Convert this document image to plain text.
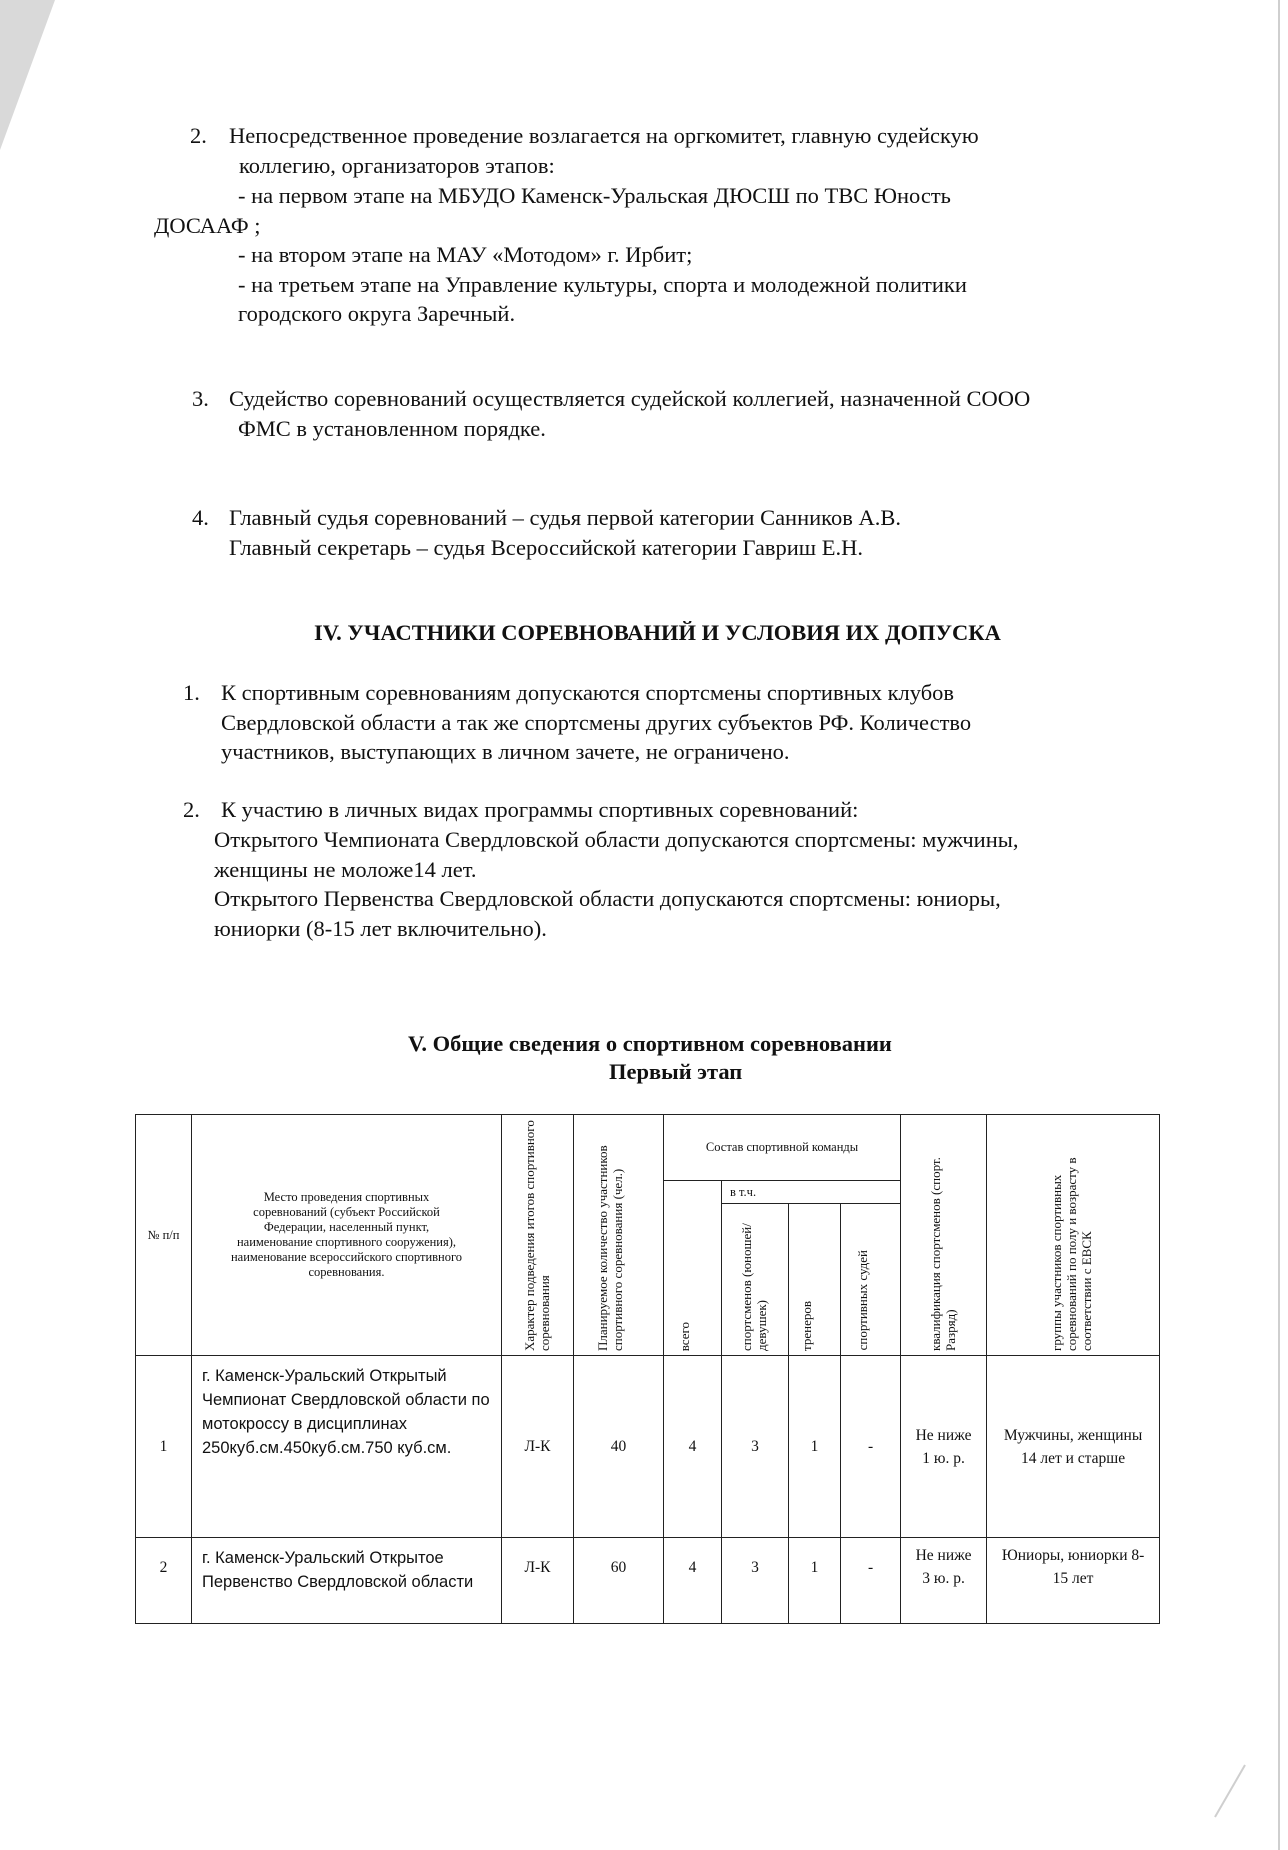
2. Непосредственное проведение возлагается на оргкомитет, главную судейскую
коллегию, организаторов этапов:
- на первом этапе на МБУДО Каменск-Уральская ДЮСШ по ТВС Юность
ДОСААФ ;
- на втором этапе на МАУ «Мотодом» г. Ирбит;
- на третьем этапе на Управление культуры, спорта и молодежной политики
городского округа Заречный.
3. Судейство соревнований осуществляется судейской коллегией, назначенной СООО
ФМС в установленном порядке.
4. Главный судья соревнований – судья первой категории Санников А.В.
Главный секретарь – судья Всероссийской категории Гавриш Е.Н.
IV. УЧАСТНИКИ СОРЕВНОВАНИЙ И УСЛОВИЯ ИХ ДОПУСКА
1. К спортивным соревнованиям допускаются спортсмены спортивных клубов
Свердловской области а так же спортсмены других субъектов РФ. Количество
участников, выступающих в личном зачете, не ограничено.
2. К участию в личных видах программы спортивных соревнований:
Открытого Чемпионата Свердловской области допускаются спортсмены: мужчины,
женщины не моложе14 лет.
Открытого Первенства Свердловской области допускаются спортсмены: юниоры,
юниорки (8-15 лет включительно).
V. Общие сведения о спортивном соревновании
Первый этап
№ п/п	Место проведения спортивных соревнований (субъект Российской Федерации, населенный пункт, наименование спортивного сооружения), наименование всероссийского спортивного соревнования.	Характер подведения итогов спортивного соревнования	Планируемое количество участников спортивного соревнования (чел.)	Состав спортивной команды				квалификация спортсменов (спорт. Разряд)	группы участников спортивных соревнований по полу и возрасту в соответствии с ЕВСК

				всего	в т.ч.				

					спортсменов (юношей/девушек)	тренеров	спортивных судей		

1	г. Каменск-Уральский Открытый Чемпионат Свердловской области по мотокроссу в дисциплинах 250куб.см.450куб.см.750 куб.см.	Л-К	40	4	3	1	-	Не ниже 1 ю. р.	Мужчины, женщины 14 лет и старше
2	г. Каменск-Уральский Открытое Первенство Свердловской области	Л-К	60	4	3	1	-	Не ниже 3 ю. р.	Юниоры, юниорки 8-15 лет
